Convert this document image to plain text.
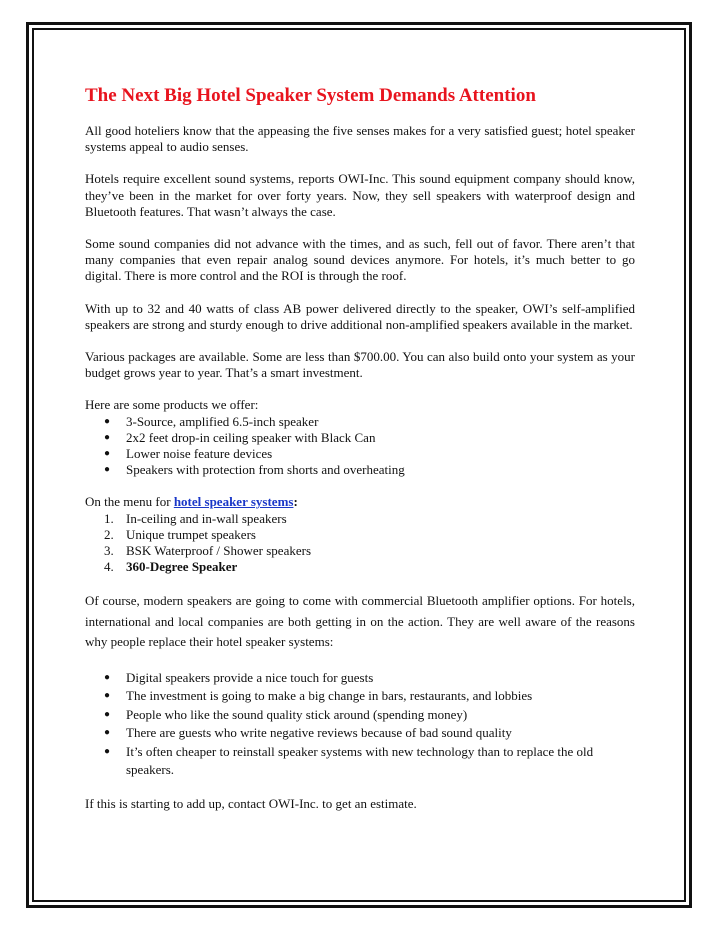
The Next Big Hotel Speaker System Demands Attention

All good hoteliers know that the appeasing the five senses makes for a very satisfied guest; hotel speaker systems appeal to audio senses.

Hotels require excellent sound systems, reports OWI-Inc. This sound equipment company should know, they’ve been in the market for over forty years. Now, they sell speakers with waterproof design and Bluetooth features. That wasn’t always the case.

Some sound companies did not advance with the times, and as such, fell out of favor. There aren’t that many companies that even repair analog sound devices anymore. For hotels, it’s much better to go digital. There is more control and the ROI is through the roof.

With up to 32 and 40 watts of class AB power delivered directly to the speaker, OWI’s self-amplified speakers are strong and sturdy enough to drive additional non-amplified speakers available in the market.

Various packages are available. Some are less than $700.00. You can also build onto your system as your budget grows year to year. That’s a smart investment.

Here are some products we offer:

● 3-Source, amplified 6.5-inch speaker
● 2x2 feet drop-in ceiling speaker with Black Can
● Lower noise feature devices
● Speakers with protection from shorts and overheating

On the menu for hotel speaker systems:

1. In-ceiling and in-wall speakers
2. Unique trumpet speakers
3. BSK Waterproof / Shower speakers
4. 360-Degree Speaker

Of course, modern speakers are going to come with commercial Bluetooth amplifier options. For hotels, international and local companies are both getting in on the action. They are well aware of the reasons why people replace their hotel speaker systems:

● Digital speakers provide a nice touch for guests
● The investment is going to make a big change in bars, restaurants, and lobbies
● People who like the sound quality stick around (spending money)
● There are guests who write negative reviews because of bad sound quality
● It’s often cheaper to reinstall speaker systems with new technology than to replace the old speakers.

If this is starting to add up, contact OWI-Inc. to get an estimate.
